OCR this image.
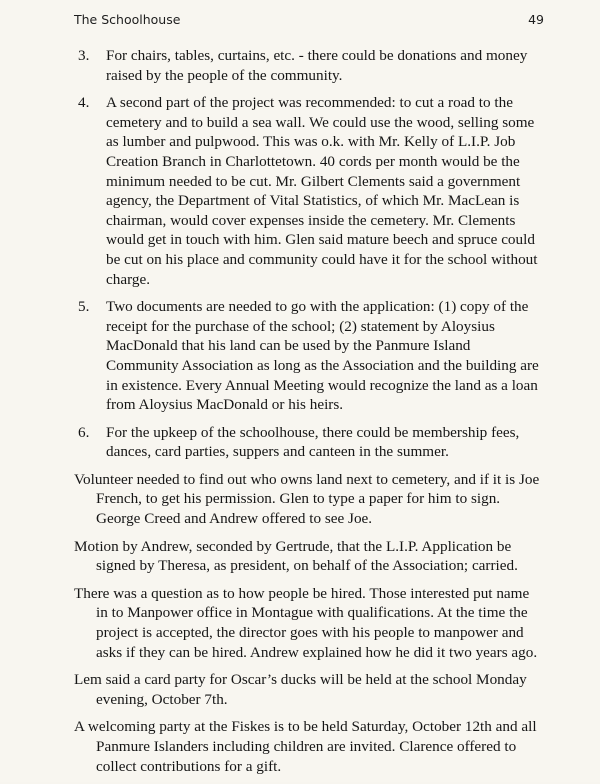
The Schoolhouse	49
3. For chairs, tables, curtains, etc. - there could be donations and money raised by the people of the community.
4. A second part of the project was recommended: to cut a road to the cemetery and to build a sea wall. We could use the wood, selling some as lumber and pulpwood. This was o.k. with Mr. Kelly of L.I.P. Job Creation Branch in Charlottetown. 40 cords per month would be the minimum needed to be cut. Mr. Gilbert Clements said a government agency, the Department of Vital Statistics, of which Mr. MacLean is chairman, would cover expenses inside the cemetery. Mr. Clements would get in touch with him. Glen said mature beech and spruce could be cut on his place and community could have it for the school without charge.
5. Two documents are needed to go with the application: (1) copy of the receipt for the purchase of the school; (2) statement by Aloysius MacDonald that his land can be used by the Panmure Island Community Association as long as the Association and the building are in existence. Every Annual Meeting would recognize the land as a loan from Aloysius MacDonald or his heirs.
6. For the upkeep of the schoolhouse, there could be membership fees, dances, card parties, suppers and canteen in the summer.

Volunteer needed to find out who owns land next to cemetery, and if it is Joe French, to get his permission. Glen to type a paper for him to sign. George Creed and Andrew offered to see Joe.

Motion by Andrew, seconded by Gertrude, that the L.I.P. Application be signed by Theresa, as president, on behalf of the Association; carried.

There was a question as to how people be hired. Those interested put name in to Manpower office in Montague with qualifications. At the time the project is accepted, the director goes with his people to manpower and asks if they can be hired. Andrew explained how he did it two years ago.

Lem said a card party for Oscar’s ducks will be held at the school Monday evening, October 7th.

A welcoming party at the Fiskes is to be held Saturday, October 12th and all Panmure Islanders including children are invited. Clarence offered to collect contributions for a gift.
